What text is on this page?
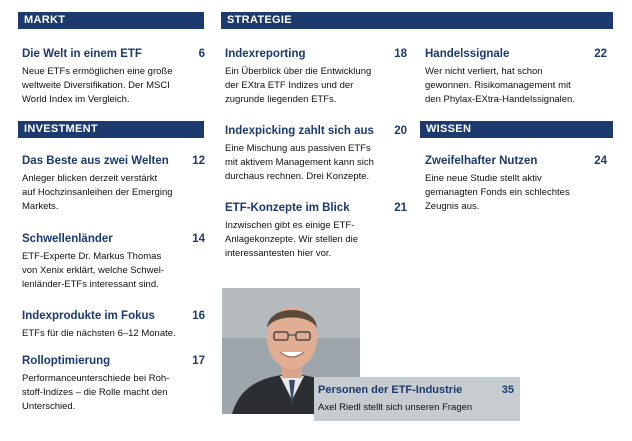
MARKT	STRATEGIE
INVESTMENT	WISSEN
Die Welt in einem ETF	6
Neue ETFs ermöglichen eine große
weltweite Diversifikation. Der MSCI
World Index im Vergleich.
Das Beste aus zwei Welten	12
Anleger blicken derzeit verstärkt
auf Hochzinsanleihen der Emerging
Markets.
Schwellenländer	14
ETF-Experte Dr. Markus Thomas
von Xenix erklärt, welche Schwel-
lenländer-ETFs interessant sind.
Indexprodukte im Fokus	16
ETFs für die nächsten 6–12 Monate.
Rolloptimierung	17
Performanceunterschiede bei Roh-
stoff-Indizes – die Rolle macht den
Unterschied.
Indexreporting	18
Ein Überblick über die Entwicklung
der EXtra ETF Indizes und der
zugrunde liegenden ETFs.
Indexpicking zahlt sich aus	20
Eine Mischung aus passiven ETFs
mit aktivem Management kann sich
durchaus rechnen. Drei Konzepte.
ETF-Konzepte im Blick	21
Inzwischen gibt es einige ETF-
Anlagekonzepte. Wir stellen die
interessantesten hier vor.
Handelssignale	22
Wer nicht verliert, hat schon
gewonnen. Risikomanagement mit
den Phylax-EXtra-Handelssignalen.
Zweifelhafter Nutzen	24
Eine neue Studie stellt aktiv
gemanagten Fonds ein schlechtes
Zeugnis aus.
Personen der ETF-Industrie	35
Axel Riedl stellt sich unseren Fragen
